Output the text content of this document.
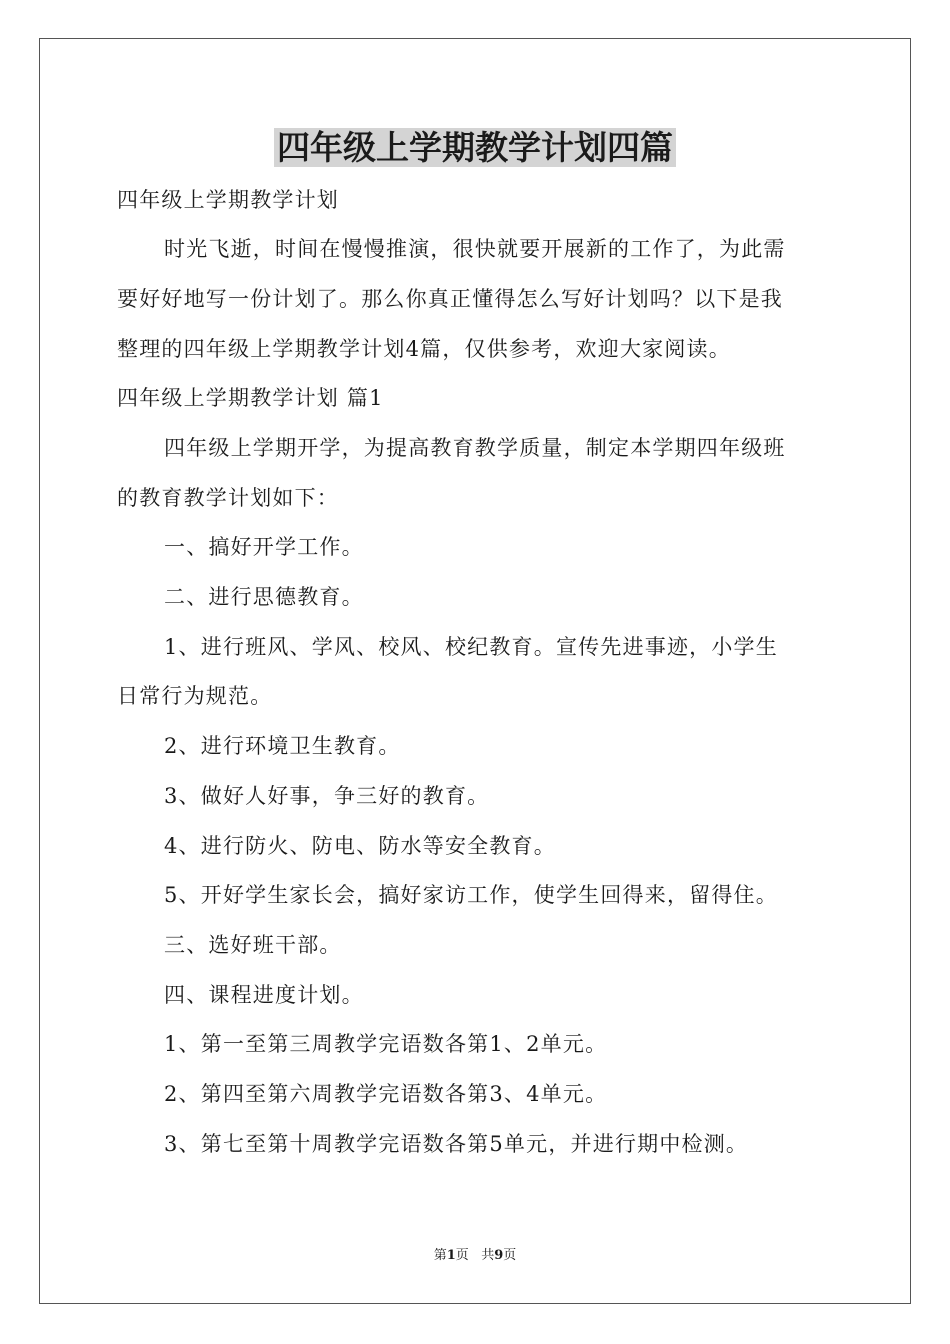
四年级上学期教学计划四篇
四年级上学期教学计划
时光飞逝，时间在慢慢推演，很快就要开展新的工作了，为此需
要好好地写一份计划了。那么你真正懂得怎么写好计划吗？以下是我
整理的四年级上学期教学计划4篇，仅供参考，欢迎大家阅读。
四年级上学期教学计划 篇1
四年级上学期开学，为提高教育教学质量，制定本学期四年级班
的教育教学计划如下：
一、搞好开学工作。
二、进行思德教育。
1、进行班风、学风、校风、校纪教育。宣传先进事迹，小学生
日常行为规范。
2、进行环境卫生教育。
3、做好人好事，争三好的教育。
4、进行防火、防电、防水等安全教育。
5、开好学生家长会，搞好家访工作，使学生回得来，留得住。
三、选好班干部。
四、课程进度计划。
1、第一至第三周教学完语数各第1、2单元。
2、第四至第六周教学完语数各第3、4单元。
3、第七至第十周教学完语数各第5单元，并进行期中检测。
第1页 共9页
